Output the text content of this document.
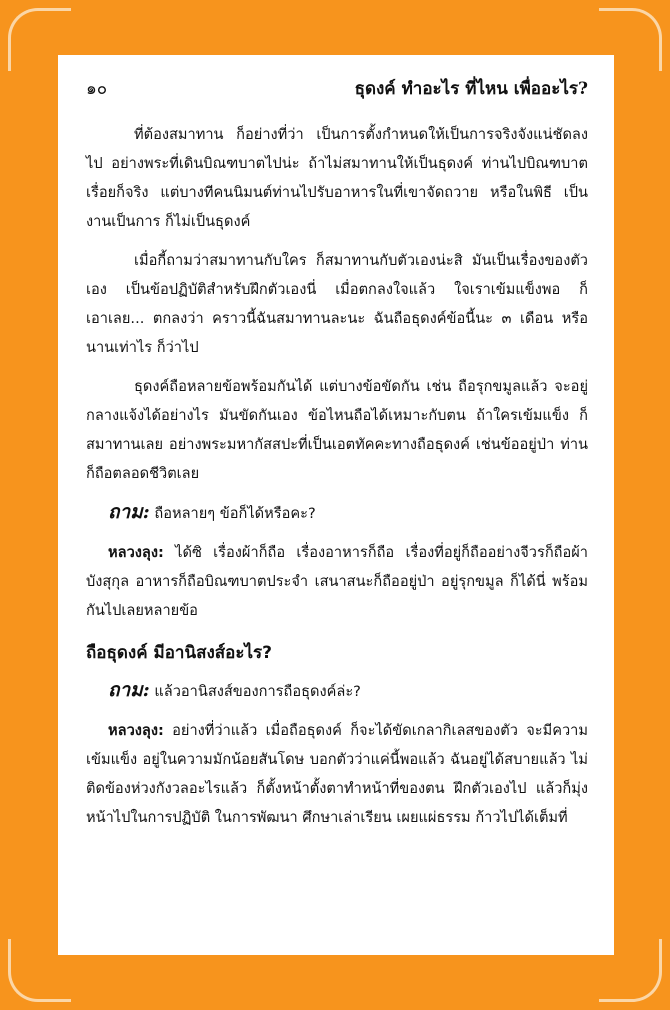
๑๐	ธุดงค์ ทำอะไร ที่ไหน เพื่ออะไร?

ที่ต้องสมาทาน ก็อย่างที่ว่า เป็นการตั้งกำหนดให้เป็นการจริงจังแน่ชัดลงไป อย่างพระที่เดินบิณฑบาตไปน่ะ ถ้าไม่สมาทานให้เป็นธุดงค์ ท่านไปบิณฑบาตเรื่อยก็จริง แต่บางทีคนนิมนต์ท่านไปรับอาหารในที่เขาจัดถวาย หรือในพิธี เป็นงานเป็นการ ก็ไม่เป็นธุดงค์

เมื่อกี้ถามว่าสมาทานกับใคร ก็สมาทานกับตัวเองน่ะสิ มันเป็นเรื่องของตัวเอง เป็นข้อปฏิบัติสำหรับฝึกตัวเองนี่ เมื่อตกลงใจแล้ว ใจเราเข้มแข็งพอ ก็เอาเลย... ตกลงว่า คราวนี้ฉันสมาทานละนะ ฉันถือธุดงค์ข้อนี้นะ ๓ เดือน หรือนานเท่าไร ก็ว่าไป

ธุดงค์ถือหลายข้อพร้อมกันได้ แต่บางข้อขัดกัน เช่น ถือรุกขมูลแล้ว จะอยู่กลางแจ้งได้อย่างไร มันขัดกันเอง ข้อไหนถือได้เหมาะกับตน ถ้าใครเข้มแข็ง ก็สมาทานเลย อย่างพระมหากัสสปะที่เป็นเอตทัคคะทางถือธุดงค์ เช่นข้ออยู่ป่า ท่านก็ถือตลอดชีวิตเลย

ถาม: ถือหลายๆ ข้อก็ได้หรือคะ?
หลวงลุง: ได้ซิ เรื่องผ้าก็ถือ เรื่องอาหารก็ถือ เรื่องที่อยู่ก็ถืออย่างจีวรก็ถือผ้าบังสุกุล อาหารก็ถือบิณฑบาตประจำ เสนาสนะก็ถืออยู่ป่า อยู่รุกขมูล ก็ได้นี่ พร้อมกันไปเลยหลายข้อ
ถือธุดงค์ มีอานิสงส์อะไร?
ถาม: แล้วอานิสงส์ของการถือธุดงค์ล่ะ?
หลวงลุง: อย่างที่ว่าแล้ว เมื่อถือธุดงค์ ก็จะได้ขัดเกลากิเลสของตัว จะมีความเข้มแข็ง อยู่ในความมักน้อยสันโดษ บอกตัวว่าแค่นี้พอแล้ว ฉันอยู่ได้สบายแล้ว ไม่ติดข้องห่วงกังวลอะไรแล้ว ก็ตั้งหน้าตั้งตาทำหน้าที่ของตน ฝึกตัวเองไป แล้วก็มุ่งหน้าไปในการปฏิบัติ ในการพัฒนา ศึกษาเล่าเรียน เผยแผ่ธรรม ก้าวไปได้เต็มที่
